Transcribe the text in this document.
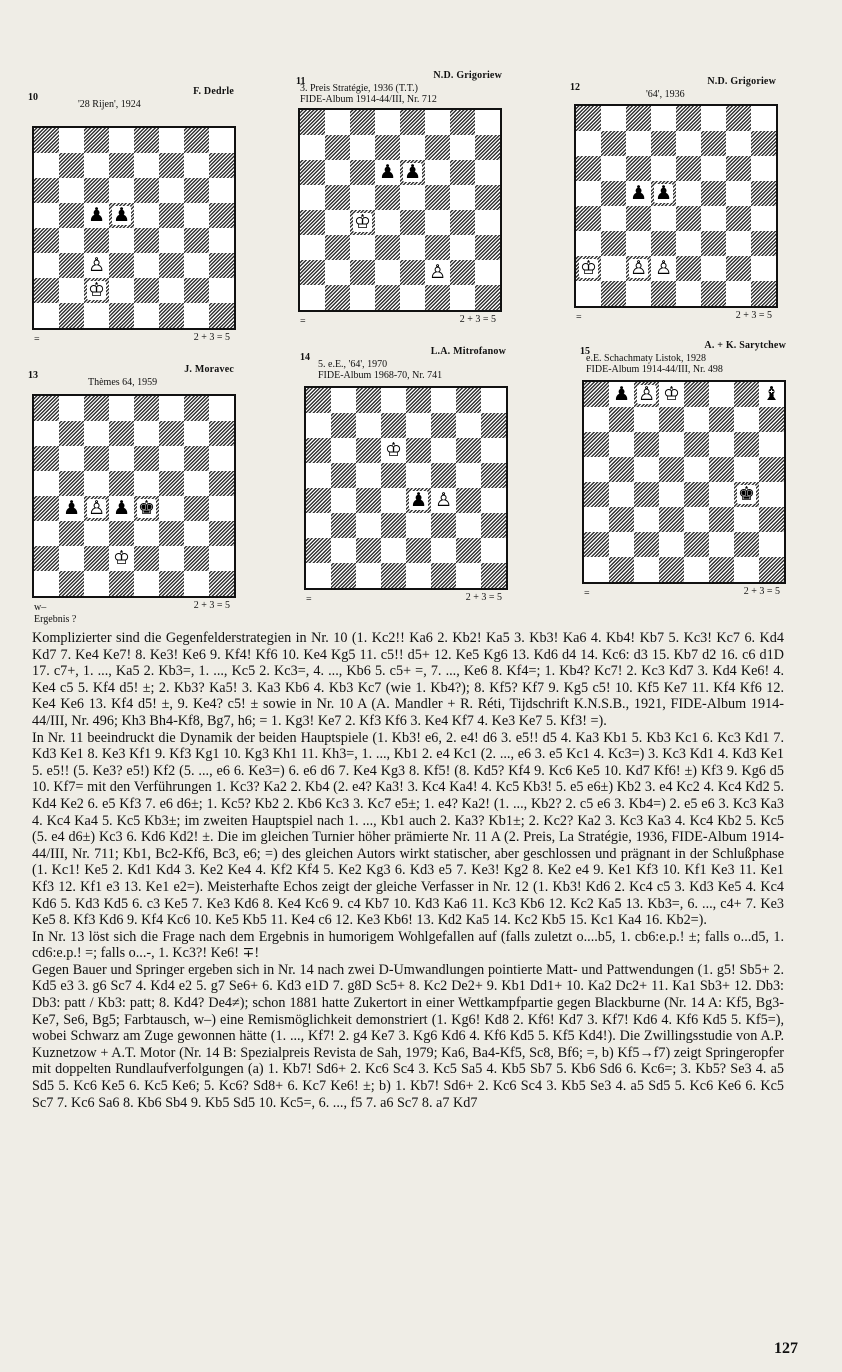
10
F. Dedrle
'28 Rijen', 1924
♟ ♟
♙
♔
=	2 + 3 = 5
11
N.D. Grigoriew
3. Preis Stratégie, 1936 (T.T.)
FIDE-Album 1914-44/III, Nr. 712
♟ ♟
♔
♙
=	2 + 3 = 5
12
N.D. Grigoriew
'64', 1936
♟ ♟
♔ ♙ ♙
=	2 + 3 = 5
13
J. Moravec
Thèmes 64, 1959
♟ ♙ ♟ ♚
♔
w–
Ergebnis ?
2 + 3 = 5
14
L.A. Mitrofanow
5. e.E., '64', 1970
FIDE-Album 1968-70, Nr. 741
♔
♟ ♙
=	2 + 3 = 5
15
A. + K. Sarytchew
e.E. Schachmaty Listok, 1928
FIDE-Album 1914-44/III, Nr. 498
♟ ♙ ♔	♝
♚
=	2 + 3 = 5

Komplizierter sind die Gegenfelderstrategien in Nr. 10 (1. Kc2!! Ka6 2. Kb2! Ka5 3. Kb3! Ka6 4. Kb4! Kb7 5. Kc3! Kc7 6. Kd4 Kd7 7. Ke4 Ke7! 8. Ke3! Ke6 9. Kf4! Kf6 10. Ke4 Kg5 11. c5!! d5+ 12. Ke5 Kg6 13. Kd6 d4 14. Kc6: d3 15. Kb7 d2 16. c6 d1D 17. c7+, 1. ..., Ka5 2. Kb3=, 1. ..., Kc5 2. Kc3=, 4. ..., Kb6 5. c5+ =, 7. ..., Ke6 8. Kf4=; 1. Kb4? Kc7! 2. Kc3 Kd7 3. Kd4 Ke6! 4. Ke4 c5 5. Kf4 d5! ±; 2. Kb3? Ka5! 3. Ka3 Kb6 4. Kb3 Kc7 (wie 1. Kb4?); 8. Kf5? Kf7 9. Kg5 c5! 10. Kf5 Ke7 11. Kf4 Kf6 12. Ke4 Ke6 13. Kf4 d5! ±, 9. Ke4? c5! ± sowie in Nr. 10 A (A. Mandler + R. Réti, Tijdschrift K.N.S.B., 1921, FIDE-Album 1914-44/III, Nr. 496; Kh3 Bh4-Kf8, Bg7, h6; = 1. Kg3! Ke7 2. Kf3 Kf6 3. Ke4 Kf7 4. Ke3 Ke7 5. Kf3! =).

In Nr. 11 beeindruckt die Dynamik der beiden Hauptspiele (1. Kb3! e6, 2. e4! d6 3. e5!! d5 4. Ka3 Kb1 5. Kb3 Kc1 6. Kc3 Kd1 7. Kd3 Ke1 8. Ke3 Kf1 9. Kf3 Kg1 10. Kg3 Kh1 11. Kh3=, 1. ..., Kb1 2. e4 Kc1 (2. ..., e6 3. e5 Kc1 4. Kc3=) 3. Kc3 Kd1 4. Kd3 Ke1 5. e5!! (5. Ke3? e5!) Kf2 (5. ..., e6 6. Ke3=) 6. e6 d6 7. Ke4 Kg3 8. Kf5! (8. Kd5? Kf4 9. Kc6 Ke5 10. Kd7 Kf6! ±) Kf3 9. Kg6 d5 10. Kf7= mit den Verführungen 1. Kc3? Ka2 2. Kb4 (2. e4? Ka3! 3. Kc4 Ka4! 4. Kc5 Kb3! 5. e5 e6±) Kb2 3. e4 Kc2 4. Kc4 Kd2 5. Kd4 Ke2 6. e5 Kf3 7. e6 d6±; 1. Kc5? Kb2 2. Kb6 Kc3 3. Kc7 e5±; 1. e4? Ka2! (1. ..., Kb2? 2. c5 e6 3. Kb4=) 2. e5 e6 3. Kc3 Ka3 4. Kc4 Ka4 5. Kc5 Kb3±; im zweiten Hauptspiel nach 1. ..., Kb1 auch 2. Ka3? Kb1±; 2. Kc2? Ka2 3. Kc3 Ka3 4. Kc4 Kb2 5. Kc5 (5. e4 d6±) Kc3 6. Kd6 Kd2! ±. Die im gleichen Turnier höher prämierte Nr. 11 A (2. Preis, La Stratégie, 1936, FIDE-Album 1914-44/III, Nr. 711; Kb1, Bc2-Kf6, Bc3, e6; =) des gleichen Autors wirkt statischer, aber geschlossen und prägnant in der Schlußphase (1. Kc1! Ke5 2. Kd1 Kd4 3. Ke2 Ke4 4. Kf2 Kf4 5. Ke2 Kg3 6. Kd3 e5 7. Ke3! Kg2 8. Ke2 e4 9. Ke1 Kf3 10. Kf1 Ke3 11. Ke1 Kf3 12. Kf1 e3 13. Ke1 e2=). Meisterhafte Echos zeigt der gleiche Verfasser in Nr. 12 (1. Kb3! Kd6 2. Kc4 c5 3. Kd3 Ke5 4. Kc4 Kd6 5. Kd3 Kd5 6. c3 Ke5 7. Ke3 Kd6 8. Ke4 Kc6 9. c4 Kb7 10. Kd3 Ka6 11. Kc3 Kb6 12. Kc2 Ka5 13. Kb3=, 6. ..., c4+ 7. Ke3 Ke5 8. Kf3 Kd6 9. Kf4 Kc6 10. Ke5 Kb5 11. Ke4 c6 12. Ke3 Kb6! 13. Kd2 Ka5 14. Kc2 Kb5 15. Kc1 Ka4 16. Kb2=).

In Nr. 13 löst sich die Frage nach dem Ergebnis in humorigem Wohlgefallen auf (falls zuletzt o....b5, 1. cb6:e.p.! ±; falls o...d5, 1. cd6:e.p.! =; falls o...-, 1. Kc3?! Ke6! ∓!

Gegen Bauer und Springer ergeben sich in Nr. 14 nach zwei D-Umwandlungen pointierte Matt- und Pattwendungen (1. g5! Sb5+ 2. Kd5 e3 3. g6 Sc7 4. Kd4 e2 5. g7 Se6+ 6. Kd3 e1D 7. g8D Sc5+ 8. Kc2 De2+ 9. Kb1 Dd1+ 10. Ka2 Dc2+ 11. Ka1 Sb3+ 12. Db3: Db3: patt / Kb3: patt; 8. Kd4? De4≠); schon 1881 hatte Zukertort in einer Wettkampfpartie gegen Blackburne (Nr. 14 A: Kf5, Bg3-Ke7, Se6, Bg5; Farbtausch, w–) eine Remismöglichkeit demonstriert (1. Kg6! Kd8 2. Kf6! Kd7 3. Kf7! Kd6 4. Kf6 Kd5 5. Kf5=), wobei Schwarz am Zuge gewonnen hätte (1. ..., Kf7! 2. g4 Ke7 3. Kg6 Kd6 4. Kf6 Kd5 5. Kf5 Kd4!). Die Zwillingsstudie von A.P. Kuznetzow + A.T. Motor (Nr. 14 B: Spezialpreis Revista de Sah, 1979; Ka6, Ba4-Kf5, Sc8, Bf6; =, b) Kf5→f7) zeigt Springeropfer mit doppelten Rundlaufverfolgungen (a) 1. Kb7! Sd6+ 2. Kc6 Sc4 3. Kc5 Sa5 4. Kb5 Sb7 5. Kb6 Sd6 6. Kc6=; 3. Kb5? Se3 4. a5 Sd5 5. Kc6 Ke5 6. Kc5 Ke6; 5. Kc6? Sd8+ 6. Kc7 Ke6! ±; b) 1. Kb7! Sd6+ 2. Kc6 Sc4 3. Kb5 Se3 4. a5 Sd5 5. Kc6 Ke6 6. Kc5 Sc7 7. Kc6 Sa6 8. Kb6 Sb4 9. Kb5 Sd5 10. Kc5=, 6. ..., f5 7. a6 Sc7 8. a7 Kd7

127
